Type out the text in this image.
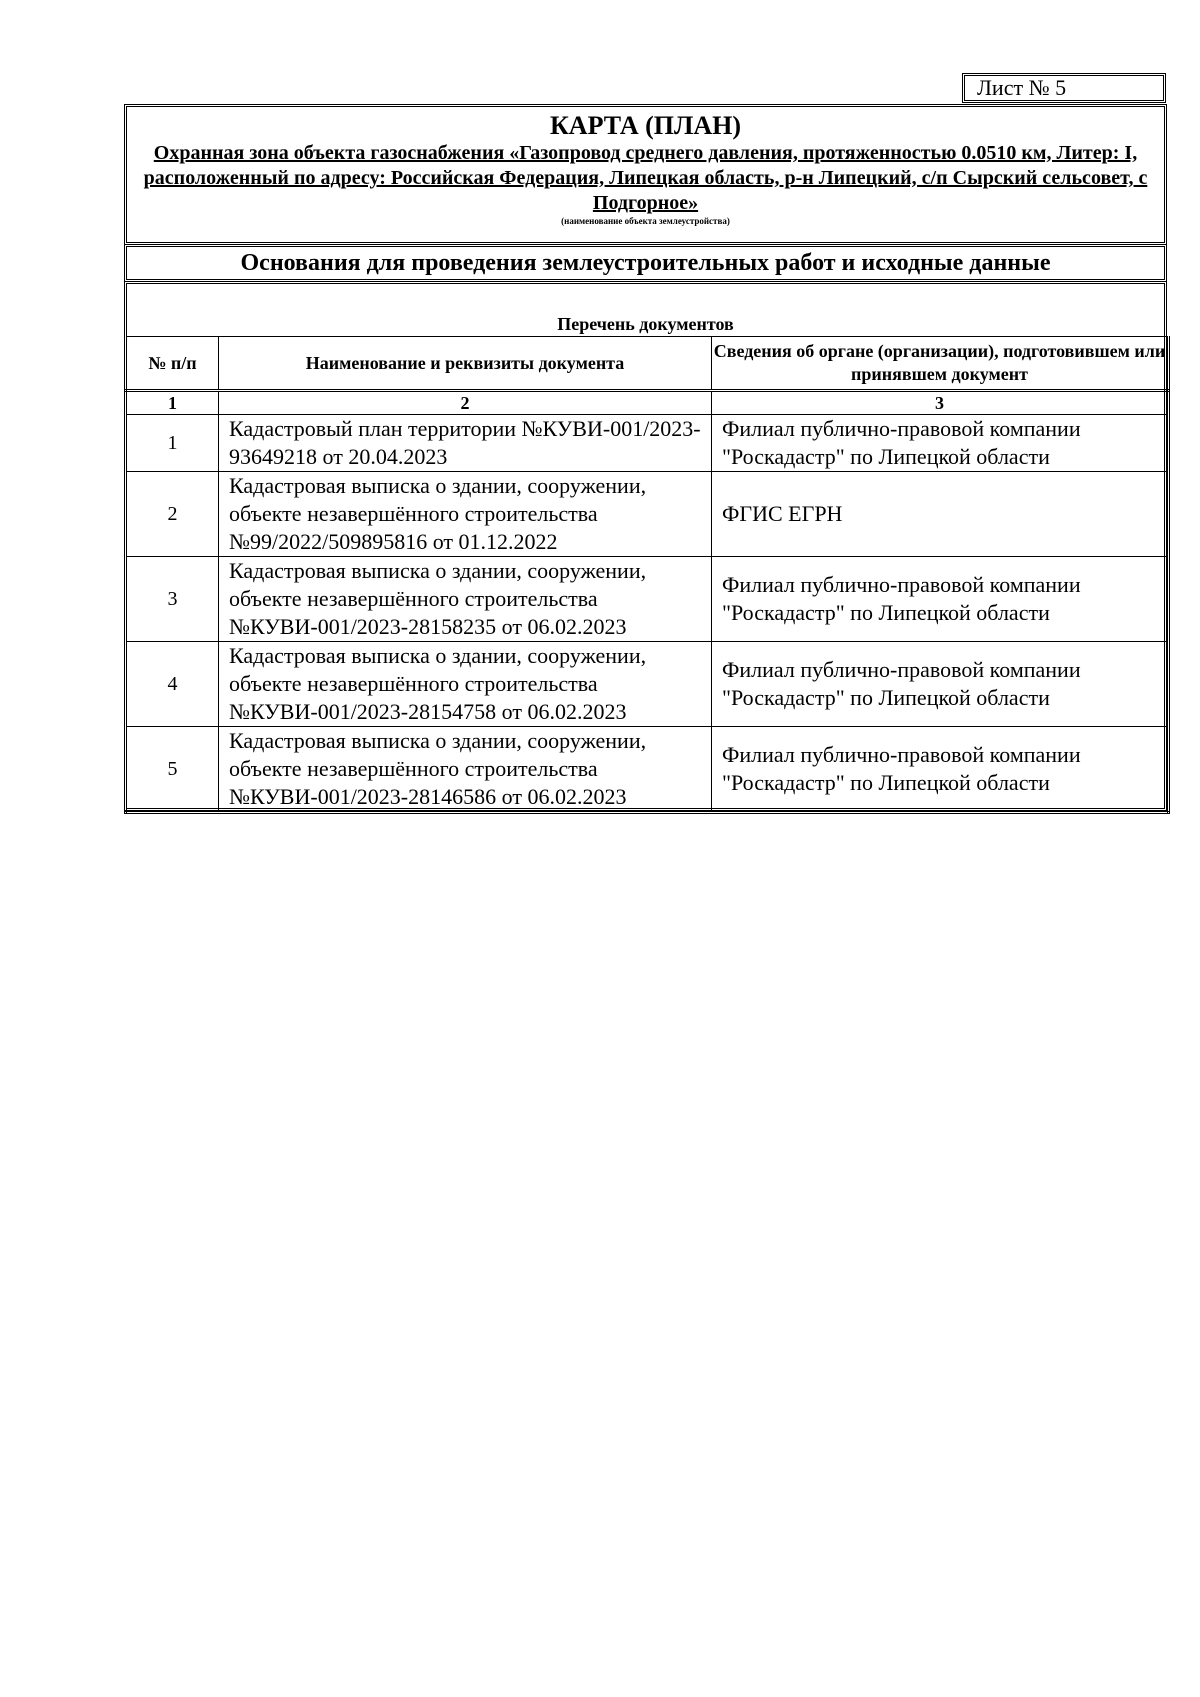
Лист № 5
КАРТА (ПЛАН)
Охранная зона объекта газоснабжения «Газопровод среднего давления, протяженностью 0.0510 км, Литер: I, расположенный по адресу: Российская Федерация, Липецкая область, р-н Липецкий, с/п Сырский сельсовет, с Подгорное»
(наименование объекта землеустройства)
Основания для проведения землеустроительных работ и исходные данные
Перечень документов
№ п/п	Наименование и реквизиты документа	Сведения об органе (организации), подготовившем или принявшем документ
1	2	3
1	Кадастровый план территории №КУВИ-001/2023-93649218 от 20.04.2023	Филиал публично-правовой компании "Роскадастр" по Липецкой области
2	Кадастровая выписка о здании, сооружении, объекте незавершённого строительства №99/2022/509895816 от 01.12.2022	ФГИС ЕГРН
3	Кадастровая выписка о здании, сооружении, объекте незавершённого строительства №КУВИ-001/2023-28158235 от 06.02.2023	Филиал публично-правовой компании "Роскадастр" по Липецкой области
4	Кадастровая выписка о здании, сооружении, объекте незавершённого строительства №КУВИ-001/2023-28154758 от 06.02.2023	Филиал публично-правовой компании "Роскадастр" по Липецкой области
5	Кадастровая выписка о здании, сооружении, объекте незавершённого строительства №КУВИ-001/2023-28146586 от 06.02.2023	Филиал публично-правовой компании "Роскадастр" по Липецкой области
